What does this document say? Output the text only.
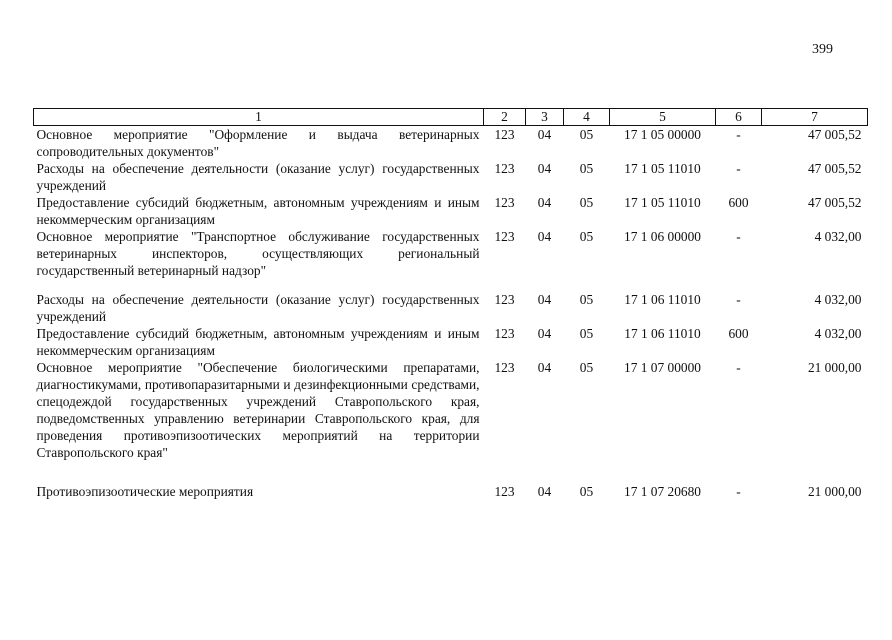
399
1	2	3	4	5	6	7
Основное мероприятие "Оформление и выдача ветеринарных сопроводительных документов"	123	04	05	17 1 05 00000	-	47 005,52
Расходы на обеспечение деятельности (оказание услуг) государственных учреждений	123	04	05	17 1 05 11010	-	47 005,52
Предоставление субсидий бюджетным, автономным учреждениям и иным некоммерческим организациям	123	04	05	17 1 05 11010	600	47 005,52
Основное мероприятие "Транспортное обслуживание государственных ветеринарных инспекторов, осуществляющих региональный государственный ветеринарный надзор"	123	04	05	17 1 06 00000	-	4 032,00

Расходы на обеспечение деятельности (оказание услуг) государственных учреждений	123	04	05	17 1 06 11010	-	4 032,00
Предоставление субсидий бюджетным, автономным учреждениям и иным некоммерческим организациям	123	04	05	17 1 06 11010	600	4 032,00
Основное мероприятие "Обеспечение биологическими препаратами, диагностикумами, противопаразитарными и дезинфекционными средствами, спецодеждой государственных учреждений Ставропольского края, подведомственных управлению ветеринарии Ставропольского края, для проведения противоэпизоотических мероприятий на территории Ставропольского края"	123	04	05	17 1 07 00000	-	21 000,00

Противоэпизоотические мероприятия	123	04	05	17 1 07 20680	-	21 000,00
